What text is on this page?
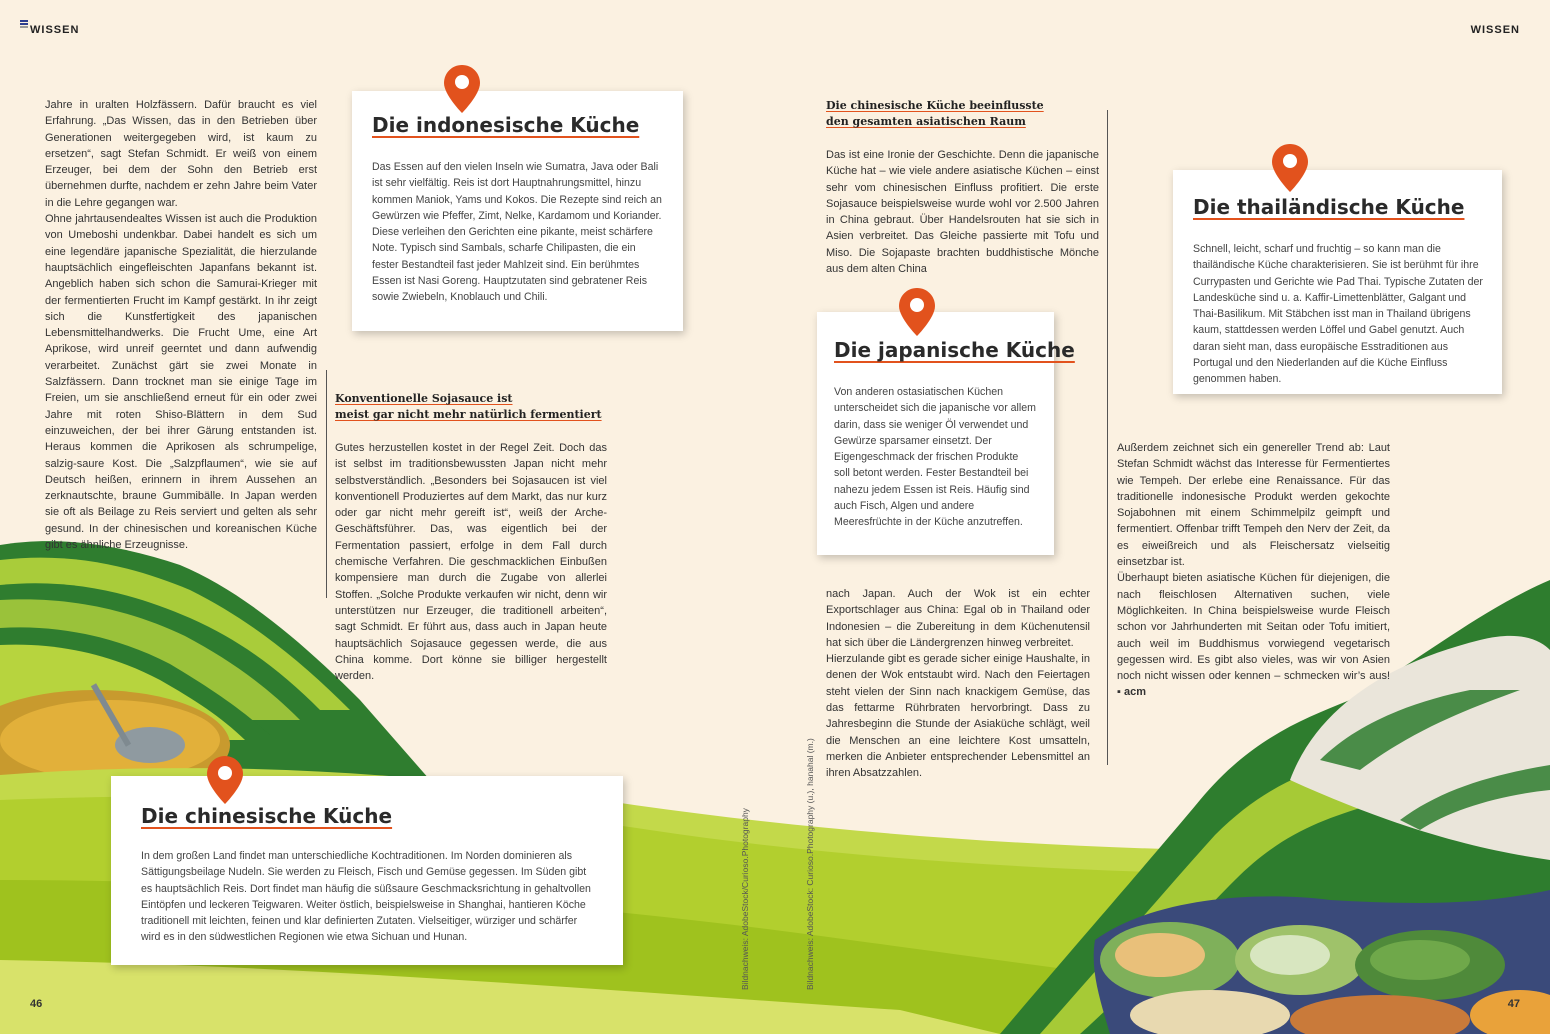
WISSEN	WISSEN

Jahre in uralten Holzfässern. Dafür braucht es viel Erfahrung. „Das Wissen, das in den Betrieben über Generationen weitergegeben wird, ist kaum zu ersetzen“, sagt Stefan Schmidt. Er weiß von einem Erzeuger, bei dem der Sohn den Betrieb erst übernehmen durfte, nachdem er zehn Jahre beim Vater in die Lehre gegangen war.

Ohne jahrtausendealtes Wissen ist auch die Produktion von Umeboshi undenkbar. Dabei handelt es sich um eine legendäre japanische Spezialität, die hierzulande hauptsächlich eingefleischten Japanfans bekannt ist. Angeblich haben sich schon die Samurai-Krieger mit der fermentierten Frucht im Kampf gestärkt. In ihr zeigt sich die Kunstfertigkeit des japanischen Lebensmittelhandwerks. Die Frucht Ume, eine Art Aprikose, wird unreif geerntet und dann aufwendig verarbeitet. Zunächst gärt sie zwei Monate in Salzfässern. Dann trocknet man sie einige Tage im Freien, um sie anschließend erneut für ein oder zwei Jahre mit roten Shiso-Blättern in dem Sud einzuweichen, der bei ihrer Gärung entstanden ist. Heraus kommen die Aprikosen als schrumpelige, salzig-saure Kost. Die „Salzpflaumen“, wie sie auf Deutsch heißen, erinnern in ihrem Aussehen an zerknautschte, braune Gummibälle. In Japan werden sie oft als Beilage zu Reis serviert und gelten als sehr gesund. In der chinesischen und koreanischen Küche gibt es ähnliche Erzeugnisse.

Die indonesische Küche

Das Essen auf den vielen Inseln wie Sumatra, Java oder Bali ist sehr vielfältig. Reis ist dort Hauptnahrungsmittel, hinzu kommen Maniok, Yams und Kokos. Die Rezepte sind reich an Gewürzen wie Pfeffer, Zimt, Nelke, Kardamom und Koriander. Diese verleihen den Gerichten eine pikante, meist schärfere Note. Typisch sind Sambals, scharfe Chilipasten, die ein fester Bestandteil fast jeder Mahlzeit sind. Ein berühmtes Essen ist Nasi Goreng. Hauptzutaten sind gebratener Reis sowie Zwiebeln, Knoblauch und Chili.

Konventionelle Sojasauce ist
meist gar nicht mehr natürlich fermentiert

Gutes herzustellen kostet in der Regel Zeit. Doch das ist selbst im traditionsbewussten Japan nicht mehr selbstverständlich. „Besonders bei Sojasaucen ist viel konventionell Produziertes auf dem Markt, das nur kurz oder gar nicht mehr gereift ist“, weiß der Arche-Geschäftsführer. Das, was eigentlich bei der Fermentation passiert, erfolge in dem Fall durch chemische Verfahren. Die geschmacklichen Einbußen kompensiere man durch die Zugabe von allerlei Stoffen. „Solche Produkte verkaufen wir nicht, denn wir unterstützen nur Erzeuger, die traditionell arbeiten“, sagt Schmidt. Er führt aus, dass auch in Japan heute hauptsächlich Sojasauce gegessen werde, die aus China komme. Dort könne sie billiger hergestellt werden.

Die chinesische Küche

In dem großen Land findet man unterschiedliche Kochtraditionen. Im Norden dominieren als Sättigungsbeilage Nudeln. Sie werden zu Fleisch, Fisch und Gemüse gegessen. Im Süden gibt es hauptsächlich Reis. Dort findet man häufig die süßsaure Geschmacksrichtung in gehaltvollen Eintöpfen und leckeren Teigwaren. Weiter östlich, beispielsweise in Shanghai, hantieren Köche traditionell mit leichten, feinen und klar definierten Zutaten. Vielseitiger, würziger und schärfer wird es in den südwestlichen Regionen wie etwa Sichuan und Hunan.	Bildnachweis: AdobeStock/Curioso.Photography	Bildnachweis: AdobeStock: Curioso.Photography (u.), hanahal (m.)

Die chinesische Küche beeinflusste
den gesamten asiatischen Raum

Das ist eine Ironie der Geschichte. Denn die japanische Küche hat – wie viele andere asiatische Küchen – einst sehr vom chinesischen Einfluss profitiert. Die erste Sojasauce beispielsweise wurde wohl vor 2.500 Jahren in China gebraut. Über Handelsrouten hat sie sich in Asien verbreitet. Das Gleiche passierte mit Tofu und Miso. Die Sojapaste brachten buddhistische Mönche aus dem alten China

nach Japan. Auch der Wok ist ein echter Exportschlager aus China: Egal ob in Thailand oder Indonesien – die Zubereitung in dem Küchenutensil hat sich über die Ländergrenzen hinweg verbreitet.

Hierzulande gibt es gerade sicher einige Haushalte, in denen der Wok entstaubt wird. Nach den Feiertagen steht vielen der Sinn nach knackigem Gemüse, das das fettarme Rührbraten hervorbringt. Dass zu Jahresbeginn die Stunde der Asiaküche schlägt, weil die Menschen an eine leichtere Kost umsatteln, merken die Anbieter entsprechender Lebensmittel an ihren Absatzzahlen.

Die japanische Küche

Von anderen ostasiatischen Küchen unterscheidet sich die japanische vor allem darin, dass sie weniger Öl verwendet und Gewürze sparsamer einsetzt. Der Eigengeschmack der frischen Produkte soll betont werden. Fester Bestandteil bei nahezu jedem Essen ist Reis. Häufig sind auch Fisch, Algen und andere Meeresfrüchte in der Küche anzutreffen.

Die thailändische Küche

Schnell, leicht, scharf und fruchtig – so kann man die thailändische Küche charakterisieren. Sie ist berühmt für ihre Currypasten und Gerichte wie Pad Thai. Typische Zutaten der Landesküche sind u. a. Kaffir-Limettenblätter, Galgant und Thai-Basilikum. Mit Stäbchen isst man in Thailand übrigens kaum, stattdessen werden Löffel und Gabel genutzt. Auch daran sieht man, dass europäische Esstraditionen aus Portugal und den Niederlanden auf die Küche Einfluss genommen haben.

Außerdem zeichnet sich ein genereller Trend ab: Laut Stefan Schmidt wächst das Interesse für Fermentiertes wie Tempeh. Der erlebe eine Renaissance. Für das traditionelle indonesische Produkt werden gekochte Sojabohnen mit einem Schimmelpilz geimpft und fermentiert. Offenbar trifft Tempeh den Nerv der Zeit, da es eiweißreich und als Fleischersatz vielseitig einsetzbar ist.

Überhaupt bieten asiatische Küchen für diejenigen, die nach fleischlosen Alternativen suchen, viele Möglichkeiten. In China beispielsweise wurde Fleisch schon vor Jahrhunderten mit Seitan oder Tofu imitiert, auch weil im Buddhismus vorwiegend vegetarisch gegessen wird. Es gibt also vieles, was wir von Asien noch nicht wissen oder kennen – schmecken wir’s aus! ▪ acm

46	47
